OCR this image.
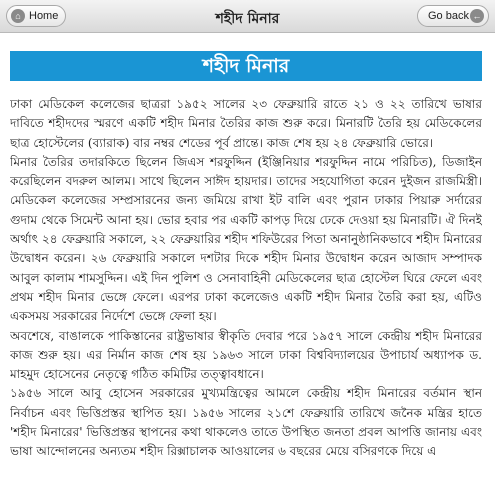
⌂ Home	শহীদ মিনার	Go back ←
শহীদ মিনার

ঢাকা মেডিকেল কলেজের ছাত্ররা ১৯৫২ সালের ২৩ ফেব্রুয়ারি রাতে ২১ ও ২২ তারিখে ভাষার দাবিতে শহীদদের স্মরণে একটি শহীদ মিনার তৈরির কাজ শুরু করে। মিনারটি তৈরি হয় মেডিকেলের ছাত্র হোস্টেলের (ব্যারাক) বার নম্বর শেডের পূর্ব প্রান্তে। কাজ শেষ হয় ২৪ ফেব্রুয়ারি ভোরে।

মিনার তৈরির তদারকিতে ছিলেন জিএস শরফুদ্দিন (ইঞ্জিনিয়ার শরফুদ্দিন নামে পরিচিত), ডিজাইন করেছিলেন বদরুল আলম। সাথে ছিলেন সাঈদ হায়দার। তাদের সহযোগিতা করেন দুইজন রাজমিস্ত্রী। মেডিকেল কলেজের সম্প্রসারনের জন্য জমিয়ে রাখা ইট বালি এবং পুরান ঢাকার পিয়ারু সর্দারের গুদাম থেকে সিমেন্ট আনা হয়। ভোর হবার পর একটি কাপড় দিয়ে ঢেকে দেওয়া হয় মিনারটি। ঐ দিনই অর্থাৎ ২৪ ফেব্রুয়ারি সকালে, ২২ ফেব্রুয়ারির শহীদ শফিউরের পিতা অনানুষ্ঠানিকভাবে শহীদ মিনারের উদ্বোধন করেন। ২৬ ফেব্রুয়ারি সকালে দশটার দিকে শহীদ মিনার উদ্বোধন করেন আজাদ সম্পাদক আবুল কালাম শামসুদ্দিন। এই দিন পুলিশ ও সেনাবাহিনী মেডিকেলের ছাত্র হোস্টেল ঘিরে ফেলে এবং প্রথম শহীদ মিনার ভেঙ্গে ফেলে। এরপর ঢাকা কলেজেও একটি শহীদ মিনার তৈরি করা হয়, এটিও একসময় সরকারের নির্দেশে ভেঙ্গে ফেলা হয়।

অবশেষে, বাঙালকে পাকিস্তানের রাষ্ট্রভাষার স্বীকৃতি দেবার পরে ১৯৫৭ সালে কেন্দ্রীয় শহীদ মিনারের কাজ শুরু হয়। এর নির্মান কাজ শেষ হয় ১৯৬৩ সালে ঢাকা বিশ্ববিদ্যালয়ের উপাচার্য অধ্যাপক ড. মাহমুদ হোসেনের নেতৃত্বে গঠিত কমিটির তত্ত্বাবধানে।

১৯৫৬ সালে আবু হোসেন সরকারের মুখ্যমন্ত্রিত্বের আমলে কেন্দ্রীয় শহীদ মিনারের বর্তমান স্থান নির্বাচন এবং ভিত্তিপ্রস্তর স্থাপিত হয়। ১৯৫৬ সালের ২১শে ফেব্রুয়ারি তারিখে জনৈক মন্ত্রির হাতে 'শহীদ মিনারের' ভিত্তিপ্রস্তর স্থাপনের কথা থাকলেও তাতে উপস্থিত জনতা প্রবল আপত্তি জানায় এবং ভাষা আন্দোলনের অন্যতম শহীদ রিক্সাচালক আওয়ালের ৬ বছরের মেয়ে বসিরণকে দিয়ে এ
